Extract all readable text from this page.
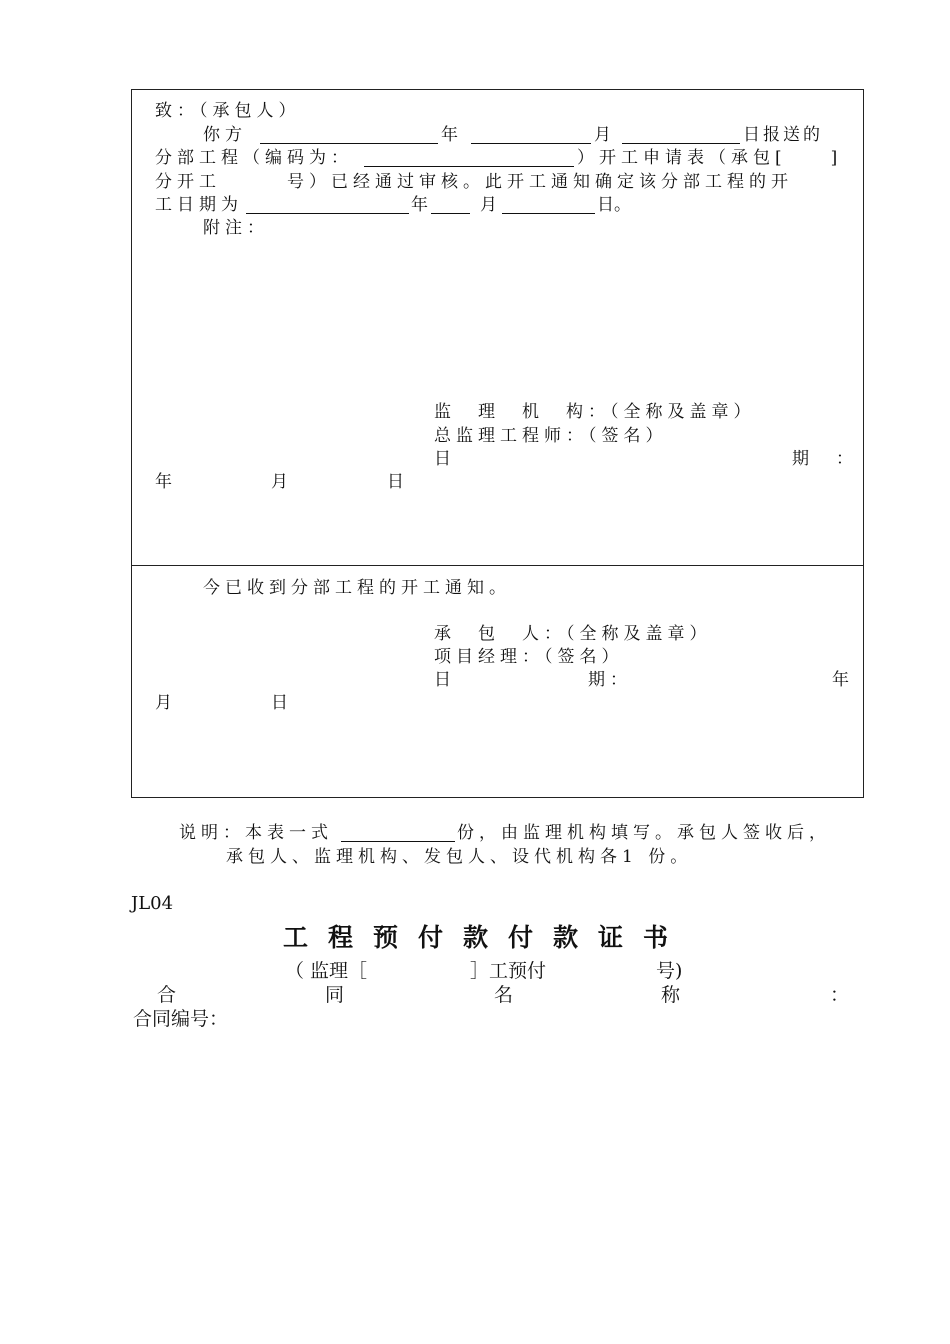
致：（承包人）
你方	年	月	日报送的
分部工程（编码为：	）开工申请表（承包[　　]
分开工　　　号）已经通过审核。此开工通知确定该分部工程的开
工日期为	年	月	日。
附注：
监　理　机　构：（全称及盖章）
总监理工程师：（签名）
日	期　：
年	月	日
今已收到分部工程的开工通知。
承　包　人：（全称及盖章）
项目经理：（签名）
日	期：	年
月	日
说明：本表一式	份，由监理机构填写。承包人签收后，
承包人、监理机构、发包人、设代机构各1 份。
JL04
工程预付款付款证书
（ 监理［	］工预付	号)
合	同	名	称	：
合同编号：
